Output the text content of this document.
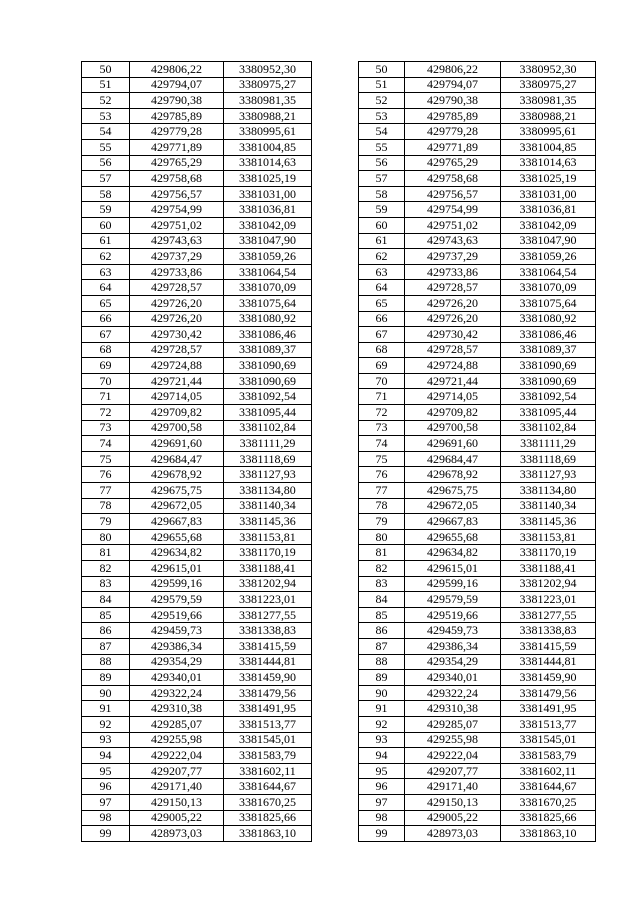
50	429806,22	3380952,30
51	429794,07	3380975,27
52	429790,38	3380981,35
53	429785,89	3380988,21
54	429779,28	3380995,61
55	429771,89	3381004,85
56	429765,29	3381014,63
57	429758,68	3381025,19
58	429756,57	3381031,00
59	429754,99	3381036,81
60	429751,02	3381042,09
61	429743,63	3381047,90
62	429737,29	3381059,26
63	429733,86	3381064,54
64	429728,57	3381070,09
65	429726,20	3381075,64
66	429726,20	3381080,92
67	429730,42	3381086,46
68	429728,57	3381089,37
69	429724,88	3381090,69
70	429721,44	3381090,69
71	429714,05	3381092,54
72	429709,82	3381095,44
73	429700,58	3381102,84
74	429691,60	3381111,29
75	429684,47	3381118,69
76	429678,92	3381127,93
77	429675,75	3381134,80
78	429672,05	3381140,34
79	429667,83	3381145,36
80	429655,68	3381153,81
81	429634,82	3381170,19
82	429615,01	3381188,41
83	429599,16	3381202,94
84	429579,59	3381223,01
85	429519,66	3381277,55
86	429459,73	3381338,83
87	429386,34	3381415,59
88	429354,29	3381444,81
89	429340,01	3381459,90
90	429322,24	3381479,56
91	429310,38	3381491,95
92	429285,07	3381513,77
93	429255,98	3381545,01
94	429222,04	3381583,79
95	429207,77	3381602,11
96	429171,40	3381644,67
97	429150,13	3381670,25
98	429005,22	3381825,66
99	428973,03	3381863,10
50	429806,22	3380952,30
51	429794,07	3380975,27
52	429790,38	3380981,35
53	429785,89	3380988,21
54	429779,28	3380995,61
55	429771,89	3381004,85
56	429765,29	3381014,63
57	429758,68	3381025,19
58	429756,57	3381031,00
59	429754,99	3381036,81
60	429751,02	3381042,09
61	429743,63	3381047,90
62	429737,29	3381059,26
63	429733,86	3381064,54
64	429728,57	3381070,09
65	429726,20	3381075,64
66	429726,20	3381080,92
67	429730,42	3381086,46
68	429728,57	3381089,37
69	429724,88	3381090,69
70	429721,44	3381090,69
71	429714,05	3381092,54
72	429709,82	3381095,44
73	429700,58	3381102,84
74	429691,60	3381111,29
75	429684,47	3381118,69
76	429678,92	3381127,93
77	429675,75	3381134,80
78	429672,05	3381140,34
79	429667,83	3381145,36
80	429655,68	3381153,81
81	429634,82	3381170,19
82	429615,01	3381188,41
83	429599,16	3381202,94
84	429579,59	3381223,01
85	429519,66	3381277,55
86	429459,73	3381338,83
87	429386,34	3381415,59
88	429354,29	3381444,81
89	429340,01	3381459,90
90	429322,24	3381479,56
91	429310,38	3381491,95
92	429285,07	3381513,77
93	429255,98	3381545,01
94	429222,04	3381583,79
95	429207,77	3381602,11
96	429171,40	3381644,67
97	429150,13	3381670,25
98	429005,22	3381825,66
99	428973,03	3381863,10
